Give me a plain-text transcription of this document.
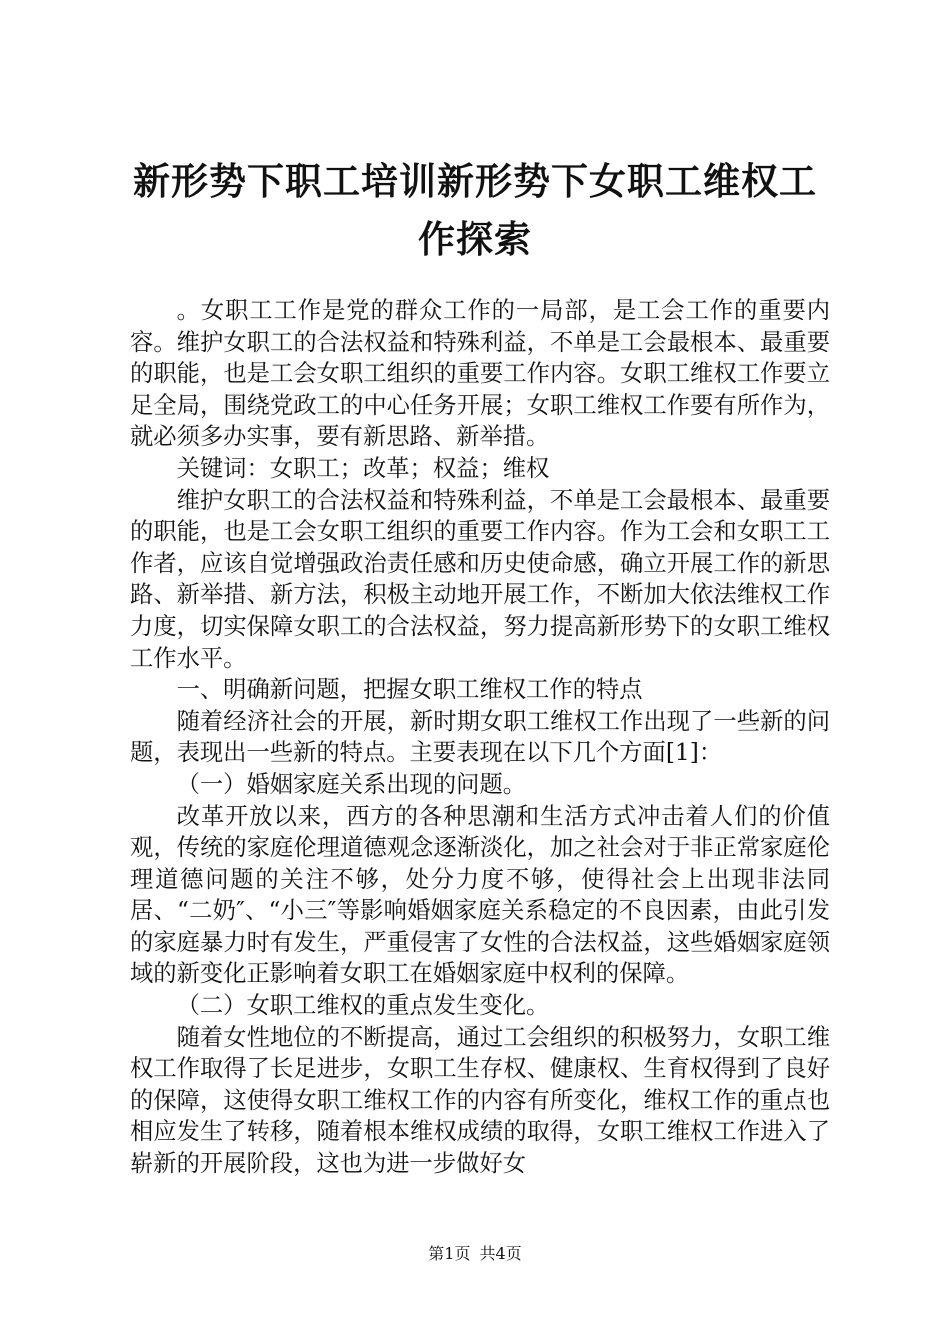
新形势下职工培训新形势下女职工维权工作探索

。女职工工作是党的群众工作的一局部，是工会工作的重要内容。维护女职工的合法权益和特殊利益，不单是工会最根本、最重要的职能，也是工会女职工组织的重要工作内容。女职工维权工作要立足全局，围绕党政工的中心任务开展；女职工维权工作要有所作为，就必须多办实事，要有新思路、新举措。

关键词：女职工；改革；权益；维权

维护女职工的合法权益和特殊利益，不单是工会最根本、最重要的职能，也是工会女职工组织的重要工作内容。作为工会和女职工工作者，应该自觉增强政治责任感和历史使命感，确立开展工作的新思路、新举措、新方法，积极主动地开展工作，不断加大依法维权工作力度，切实保障女职工的合法权益，努力提高新形势下的女职工维权工作水平。

一、明确新问题，把握女职工维权工作的特点

随着经济社会的开展，新时期女职工维权工作出现了一些新的问题，表现出一些新的特点。主要表现在以下几个方面[1]：

（一）婚姻家庭关系出现的问题。

改革开放以来，西方的各种思潮和生活方式冲击着人们的价值观，传统的家庭伦理道德观念逐渐淡化，加之社会对于非正常家庭伦理道德问题的关注不够，处分力度不够，使得社会上出现非法同居、“二奶″、“小三″等影响婚姻家庭关系稳定的不良因素，由此引发的家庭暴力时有发生，严重侵害了女性的合法权益，这些婚姻家庭领域的新变化正影响着女职工在婚姻家庭中权利的保障。

（二）女职工维权的重点发生变化。

随着女性地位的不断提高，通过工会组织的积极努力，女职工维权工作取得了长足进步，女职工生存权、健康权、生育权得到了良好的保障，这使得女职工维权工作的内容有所变化，维权工作的重点也相应发生了转移，随着根本维权成绩的取得，女职工维权工作进入了崭新的开展阶段，这也为进一步做好女

第1页 共4页
